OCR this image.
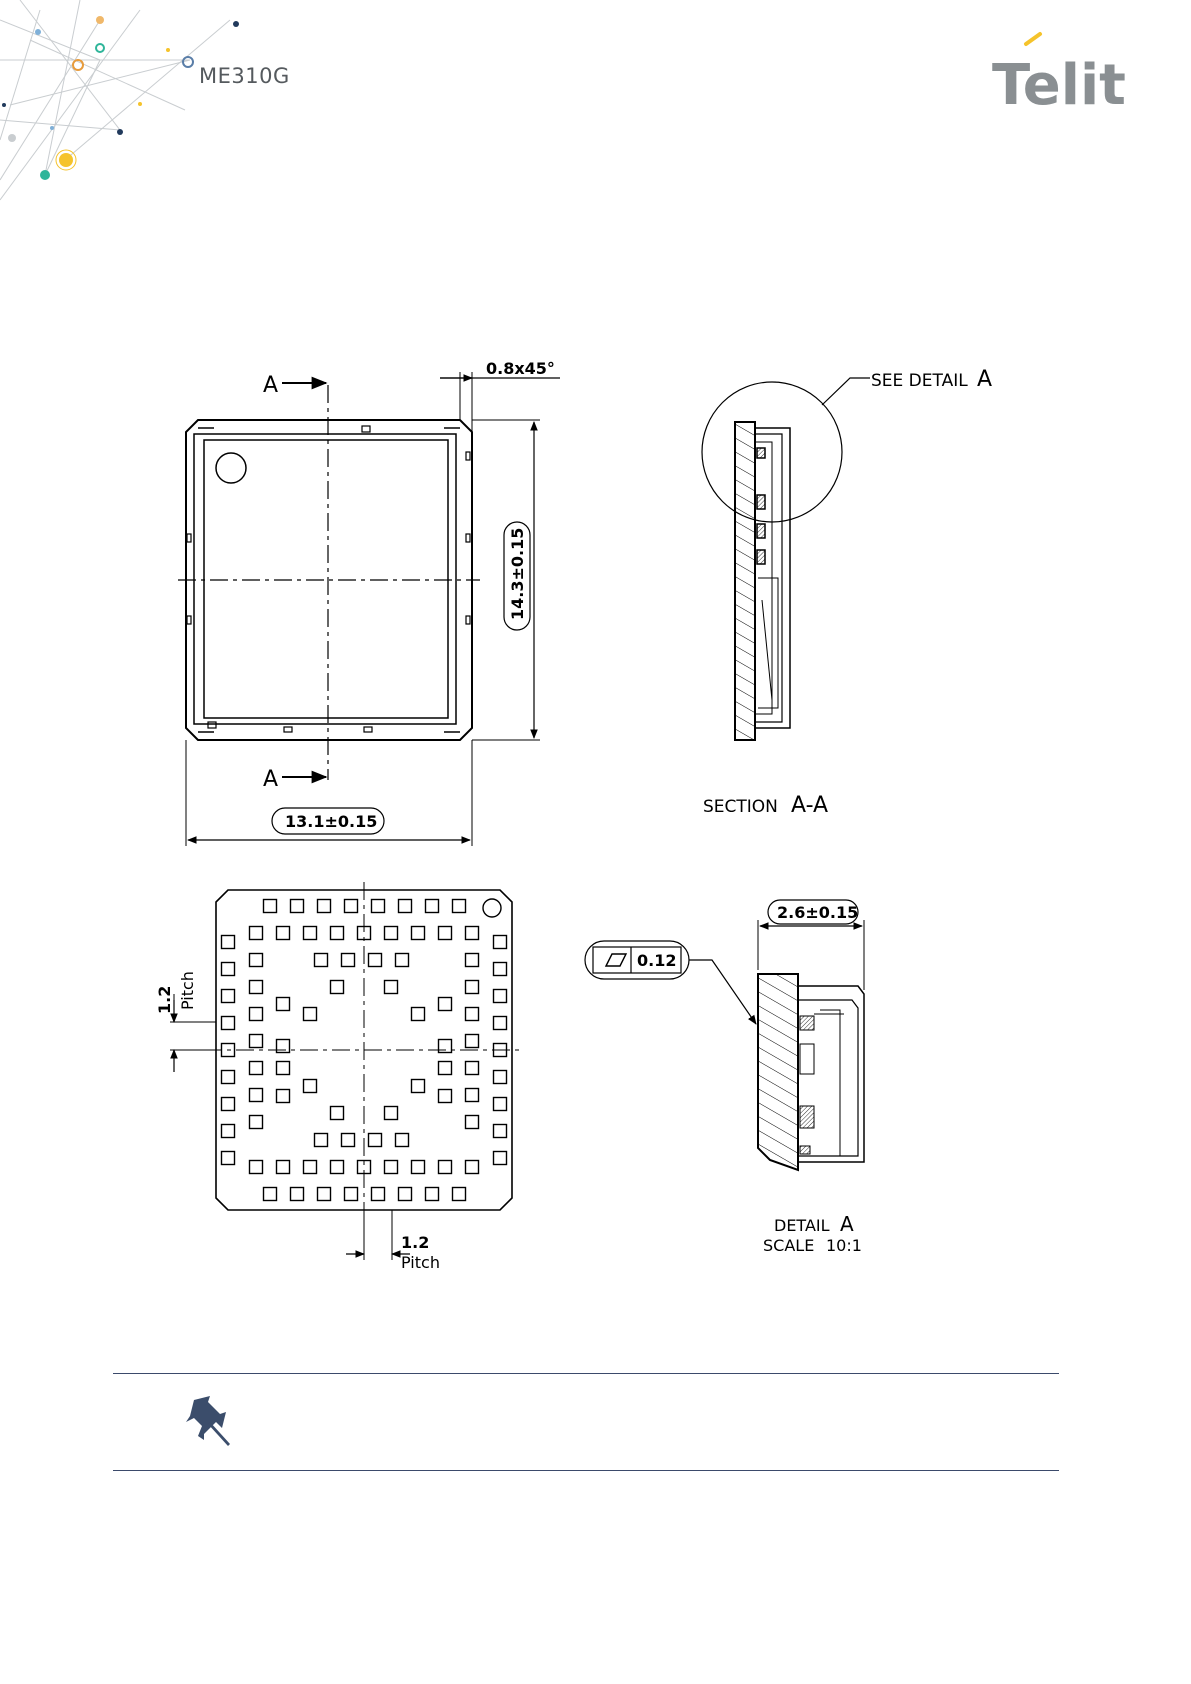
ME310G	Telit
A
A
0.8x45°
14.3±0.15
13.1±0.15
SEE DETAIL A
SECTION A-A
1.2 Pitch
1.2
Pitch
2.6±0.15
0.12
DETAIL A
SCALE 10:1
